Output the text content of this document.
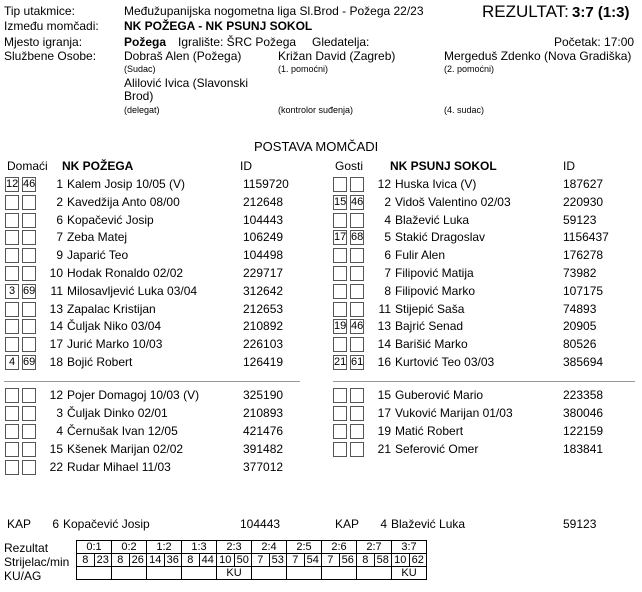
Tip utakmice:	Međužupanijska nogometna liga Sl.Brod - Požega 22/23	REZULTAT: 3:7 (1:3)
Između momčadi: NK POŽEGA - NK PSUNJ SOKOL
Mjesto igranja:	Požega Igralište: ŠRC Požega Gledatelja:	Početak: 17:00
Službene Osobe: Dobraš Alen (Požega)
(Sudac)
Križan David (Zagreb)
(1. pomoćni)
Mergeduš Zdenko (Nova Gradiška)
(2. pomoćni)
Alilović Ivica (Slavonski
Brod)
(delegat)	(kontrolor suđenja)	(4. sudac)
POSTAVA MOMČADI
Domaći NK POŽEGA	ID	Gosti NK PSUNJ SOKOL	ID
12 46	1 Kalem Josip 10/05 (V)	1159720
2 Kavedžija Anto 08/00	212648
6 Kopačević Josip	104443
7 Zeba Matej	106249
9 Japarić Teo	104498
10 Hodak Ronaldo 02/02	229717
3 69	11 Milosavljević Luka 03/04	312642
13 Zapalac Kristijan	212653
14 Čuljak Niko 03/04	210892
17 Jurić Marko 10/03	226103
4 69	18 Bojić Robert	126419
12 Huska Ivica (V)	187627
15 46	2 Vidoš Valentino 02/03	220930
4 Blažević Luka	59123
17 68	5 Stakić Dragoslav	1156437
6 Fulir Alen	176278
7 Filipović Matija	73982
8 Filipović Marko	107175
11 Stijepić Saša	74893
19 46	13 Bajrić Senad	20905
14 Barišić Marko	80526
21 61	16 Kurtović Teo 03/03	385694
12 Pojer Domagoj 10/03 (V)	325190
3 Čuljak Dinko 02/01	210893
4 Černušak Ivan 12/05	421476
15 Kšenek Marijan 02/02	391482
22 Rudar Mihael 11/03	377012
15 Guberović Mario	223358
17 Vuković Marijan 01/03	380046
19 Matić Robert	122159
21 Seferović Omer	183841
KAP	6 Kopačević Josip	104443	KAP	4 Blažević Luka	59123
Rezultat
Strijelac/min
KU/AG
0:1		0:2		1:2		1:3		2:3		2:4		2:5		2:6		2:7		3:7	
8	23	8	26	14	36	8	44	10	50	7	53	7	54	7	56	8	58	10	62
								KU										KU	
